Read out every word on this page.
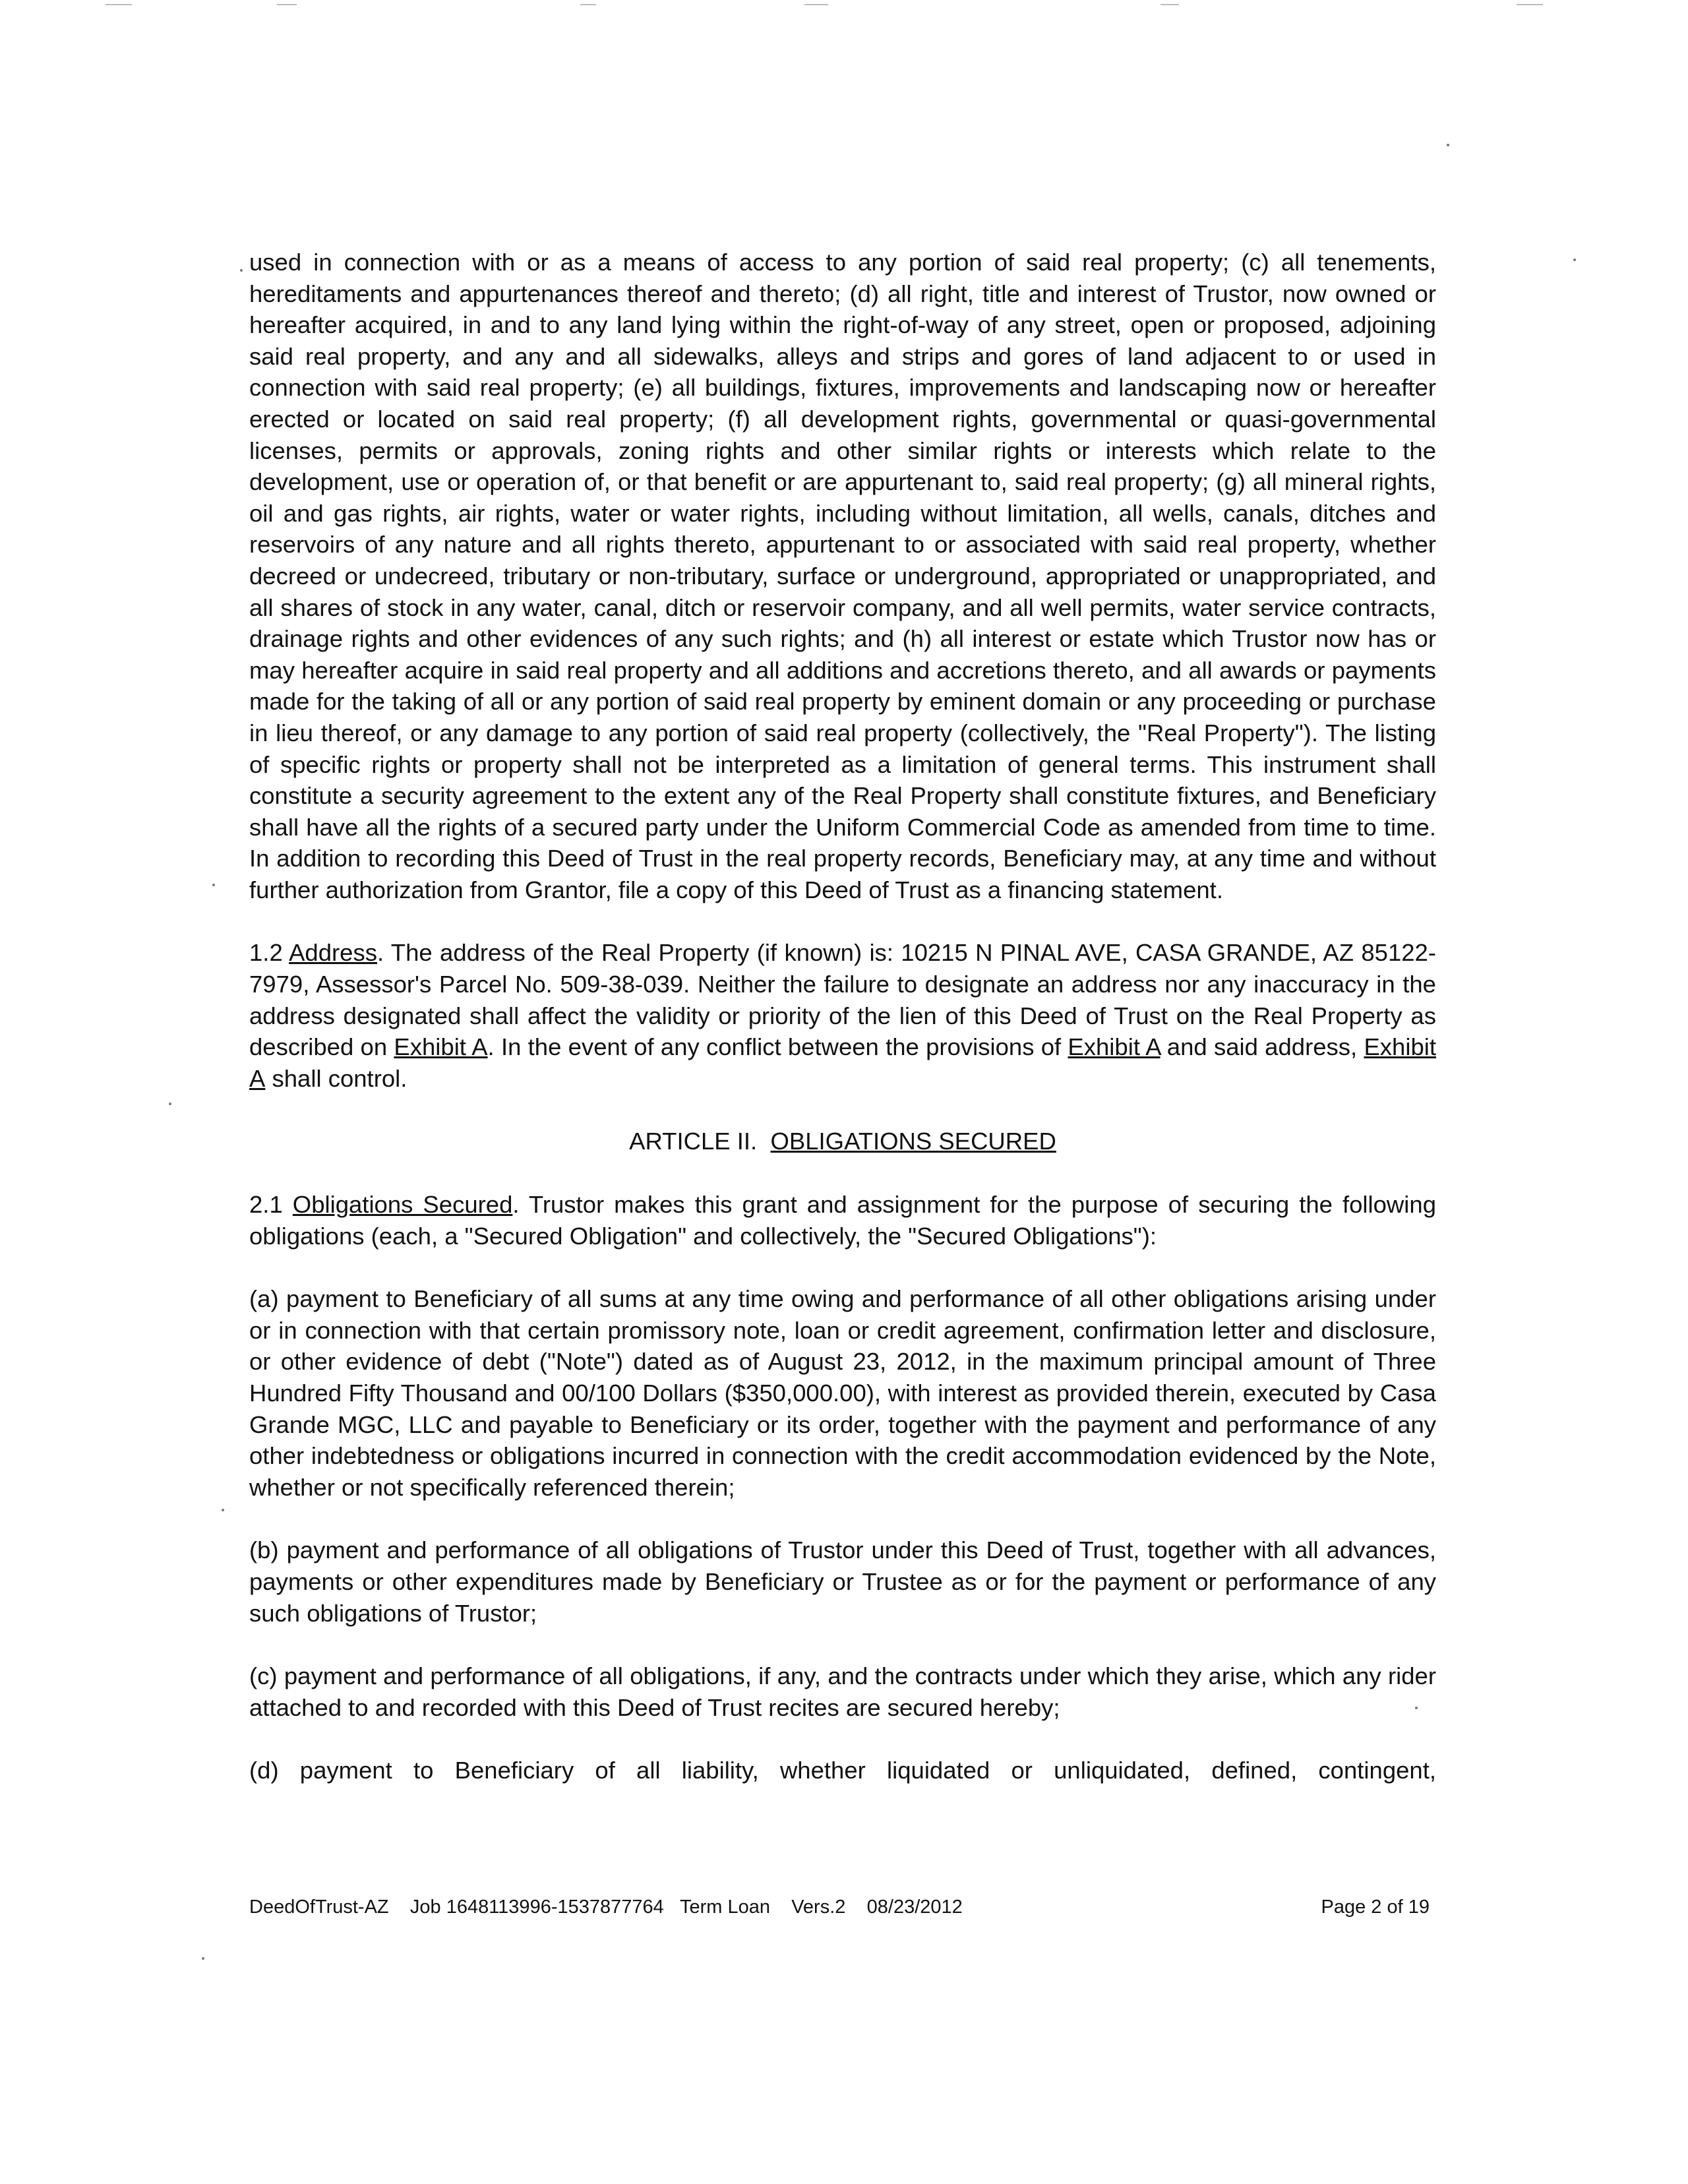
used in connection with or as a means of access to any portion of said real property; (c) all tenements, hereditaments and appurtenances thereof and thereto; (d) all right, title and interest of Trustor, now owned or hereafter acquired, in and to any land lying within the right-of-way of any street, open or proposed, adjoining said real property, and any and all sidewalks, alleys and strips and gores of land adjacent to or used in connection with said real property; (e) all buildings, fixtures, improvements and landscaping now or hereafter erected or located on said real property; (f) all development rights, governmental or quasi-governmental licenses, permits or approvals, zoning rights and other similar rights or interests which relate to the development, use or operation of, or that benefit or are appurtenant to, said real property; (g) all mineral rights, oil and gas rights, air rights, water or water rights, including without limitation, all wells, canals, ditches and reservoirs of any nature and all rights thereto, appurtenant to or associated with said real property, whether decreed or undecreed, tributary or non-tributary, surface or underground, appropriated or unappropriated, and all shares of stock in any water, canal, ditch or reservoir company, and all well permits, water service contracts, drainage rights and other evidences of any such rights; and (h) all interest or estate which Trustor now has or may hereafter acquire in said real property and all additions and accretions thereto, and all awards or payments made for the taking of all or any portion of said real property by eminent domain or any proceeding or purchase in lieu thereof, or any damage to any portion of said real property (collectively, the "Real Property"). The listing of specific rights or property shall not be interpreted as a limitation of general terms. This instrument shall constitute a security agreement to the extent any of the Real Property shall constitute fixtures, and Beneficiary shall have all the rights of a secured party under the Uniform Commercial Code as amended from time to time. In addition to recording this Deed of Trust in the real property records, Beneficiary may, at any time and without further authorization from Grantor, file a copy of this Deed of Trust as a financing statement.

1.2 Address. The address of the Real Property (if known) is: 10215 N PINAL AVE, CASA GRANDE, AZ 85122-7979, Assessor's Parcel No. 509-38-039. Neither the failure to designate an address nor any inaccuracy in the address designated shall affect the validity or priority of the lien of this Deed of Trust on the Real Property as described on Exhibit A. In the event of any conflict between the provisions of Exhibit A and said address, Exhibit A shall control.

ARTICLE II. OBLIGATIONS SECURED

2.1 Obligations Secured. Trustor makes this grant and assignment for the purpose of securing the following obligations (each, a "Secured Obligation" and collectively, the "Secured Obligations"):

(a) payment to Beneficiary of all sums at any time owing and performance of all other obligations arising under or in connection with that certain promissory note, loan or credit agreement, confirmation letter and disclosure, or other evidence of debt ("Note") dated as of August 23, 2012, in the maximum principal amount of Three Hundred Fifty Thousand and 00/100 Dollars ($350,000.00), with interest as provided therein, executed by Casa Grande MGC, LLC and payable to Beneficiary or its order, together with the payment and performance of any other indebtedness or obligations incurred in connection with the credit accommodation evidenced by the Note, whether or not specifically referenced therein;

(b) payment and performance of all obligations of Trustor under this Deed of Trust, together with all advances, payments or other expenditures made by Beneficiary or Trustee as or for the payment or performance of any such obligations of Trustor;

(c) payment and performance of all obligations, if any, and the contracts under which they arise, which any rider attached to and recorded with this Deed of Trust recites are secured hereby;

(d) payment to Beneficiary of all liability, whether liquidated or unliquidated, defined, contingent,

DeedOfTrust-AZ Job 1648113996-1537877764 Term Loan Vers.2 08/23/2012

	Page 2 of 19
